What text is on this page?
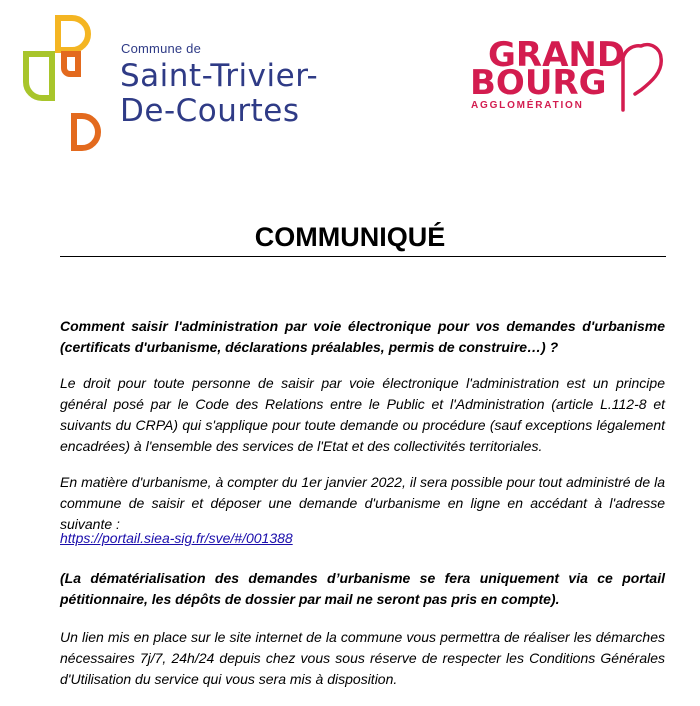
Commune de
Saint-Trivier-
De-Courtes
GRAND
BOURG
AGGLOMÉRATION
COMMUNIQUÉ
Comment saisir l'administration par voie électronique pour vos demandes d'urbanisme (certificats d'urbanisme, déclarations préalables, permis de construire…) ?
Le droit pour toute personne de saisir par voie électronique l'administration est un principe général posé par le Code des Relations entre le Public et l'Administration (article L.112-8 et suivants du CRPA) qui s'applique pour toute demande ou procédure (sauf exceptions légalement encadrées) à l'ensemble des services de l'Etat et des collectivités territoriales.
En matière d'urbanisme, à compter du 1er janvier 2022, il sera possible pour tout administré de la commune de saisir et déposer une demande d'urbanisme en ligne en accédant à l'adresse suivante :
https://portail.siea-sig.fr/sve/#/001388
(La dématérialisation des demandes d’urbanisme se fera uniquement via ce portail pétitionnaire, les dépôts de dossier par mail ne seront pas pris en compte).
Un lien mis en place sur le site internet de la commune vous permettra de réaliser les démarches nécessaires 7j/7, 24h/24 depuis chez vous sous réserve de respecter les Conditions Générales d'Utilisation du service qui vous sera mis à disposition.
